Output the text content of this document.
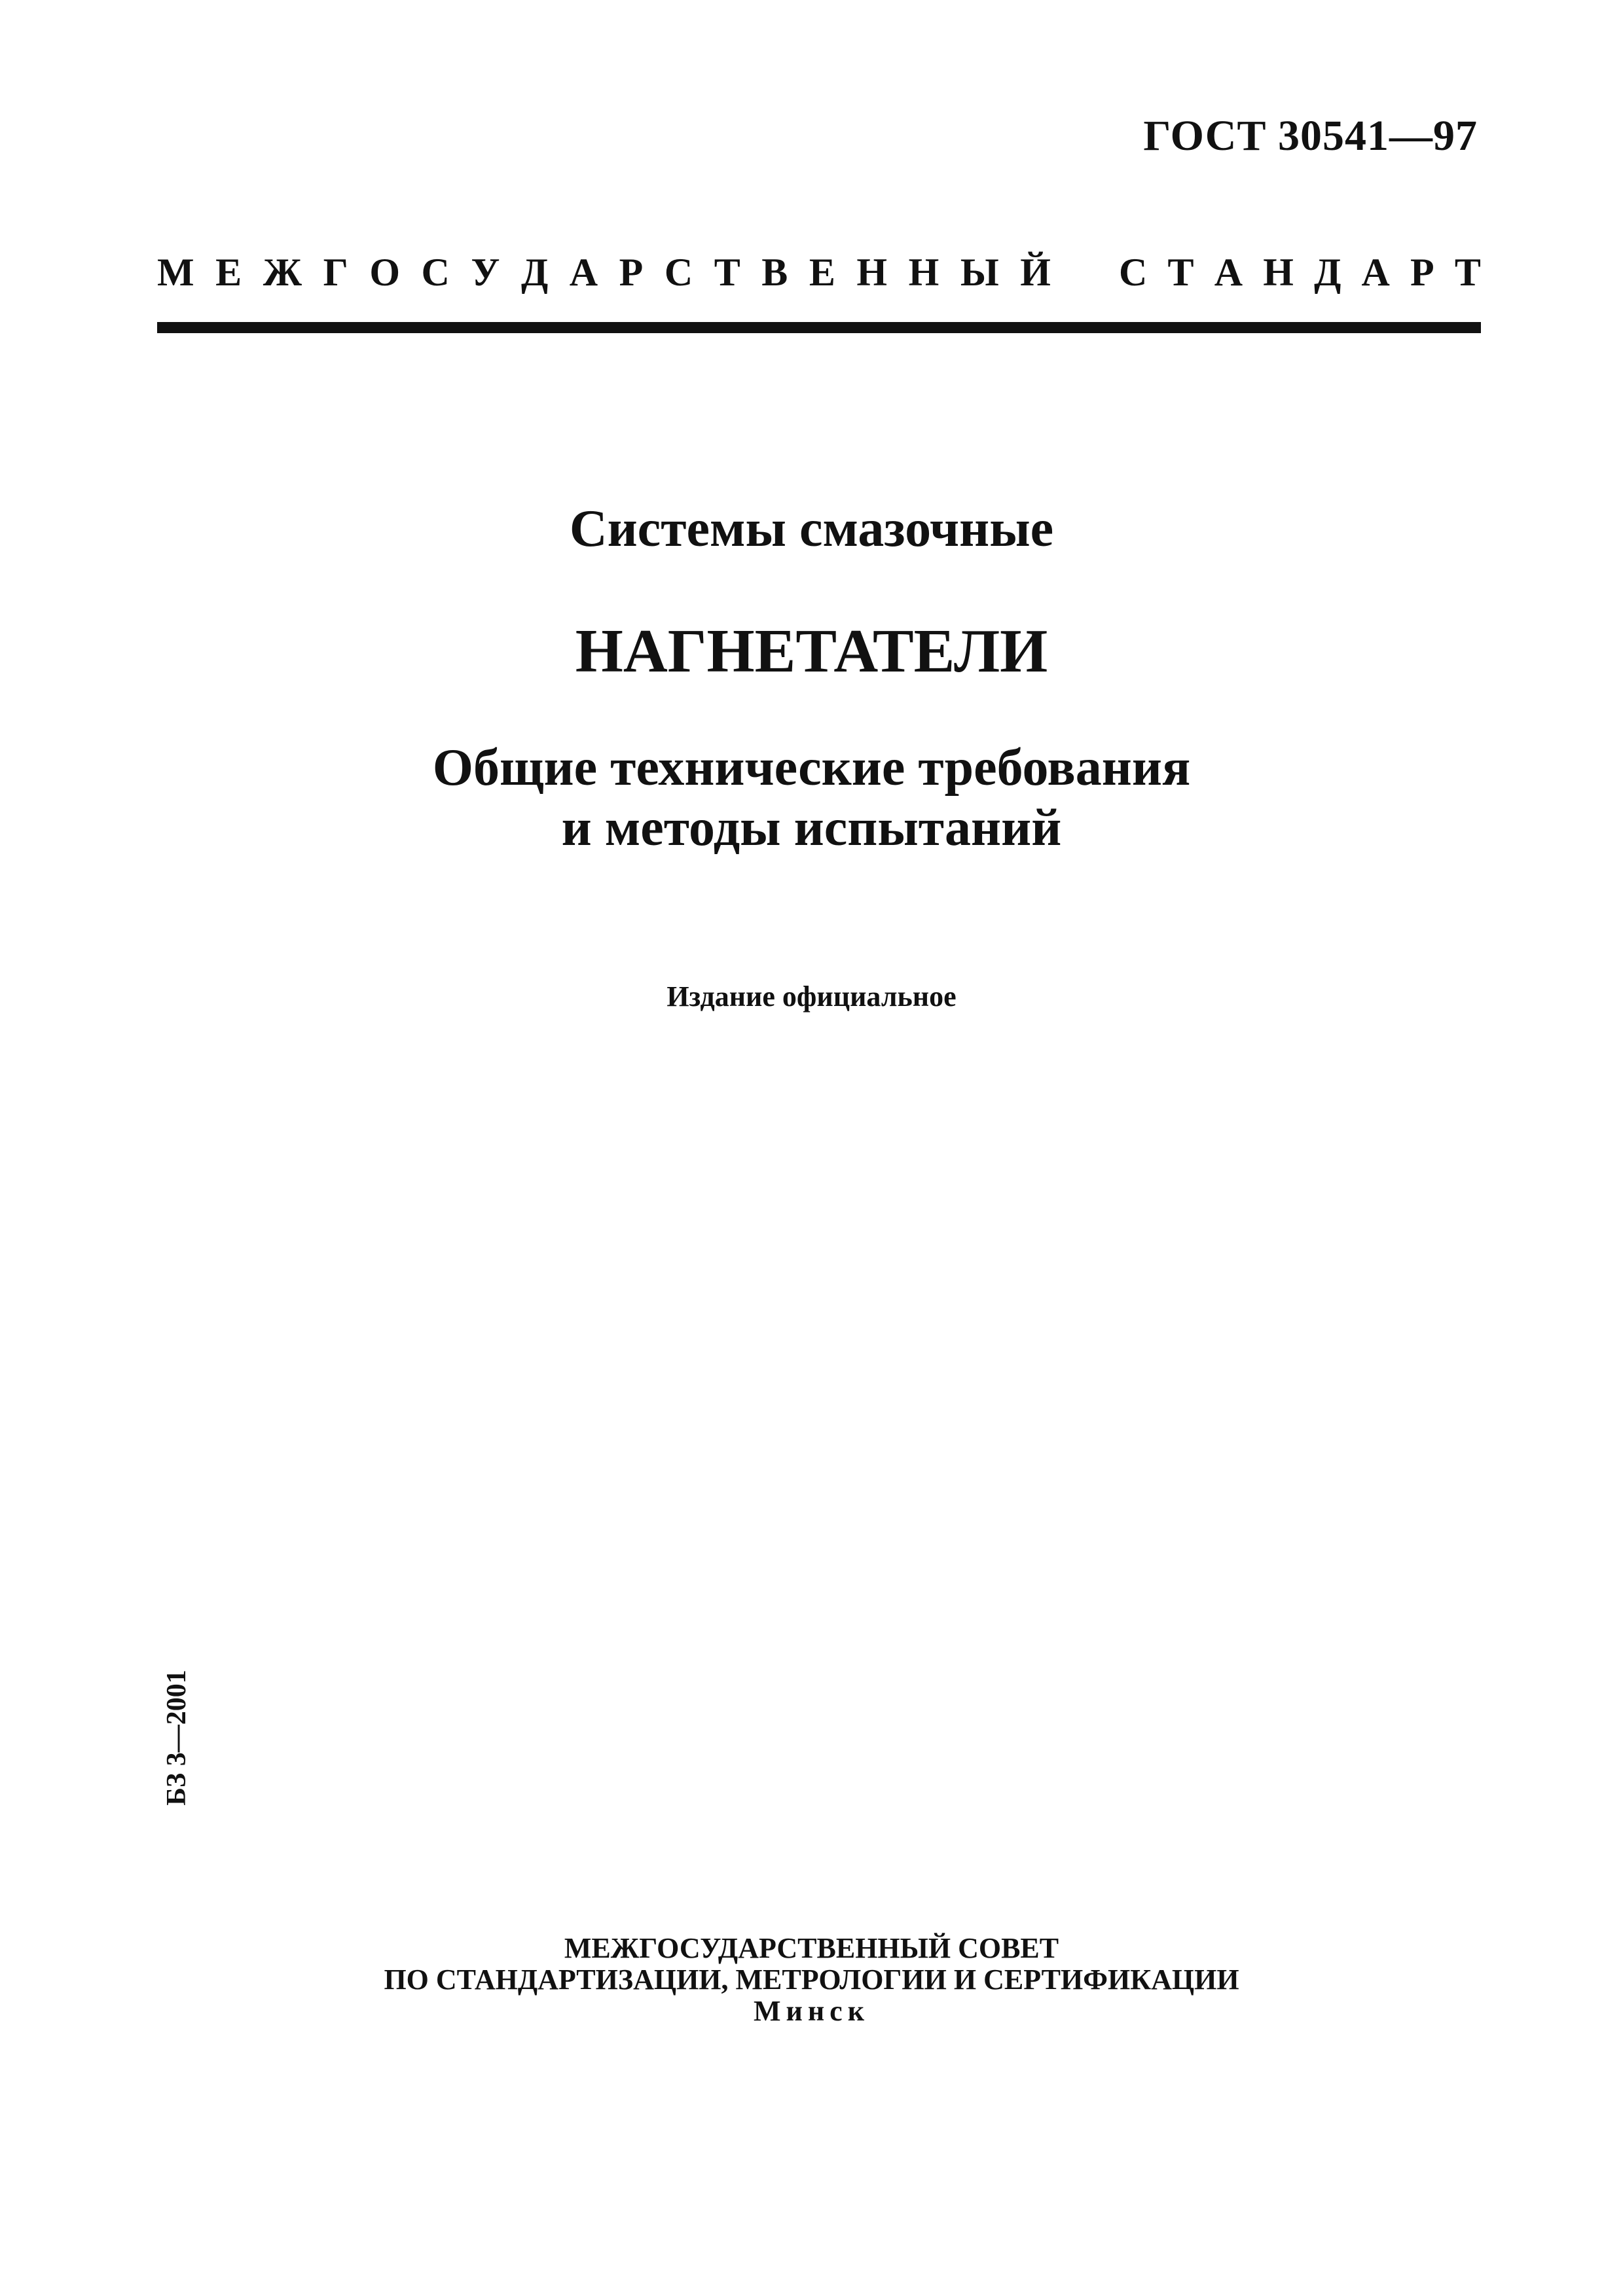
ГОСТ 30541—97
М Е Ж Г О С У Д А Р С Т В Е Н Н Ы Й С Т А Н Д А Р Т
Системы смазочные
НАГНЕТАТЕЛИ
Общие технические требования
и методы испытаний
Издание официальное
БЗ 3—2001
МЕЖГОСУДАРСТВЕННЫЙ СОВЕТ
ПО СТАНДАРТИЗАЦИИ, МЕТРОЛОГИИ И СЕРТИФИКАЦИИ
Минск
